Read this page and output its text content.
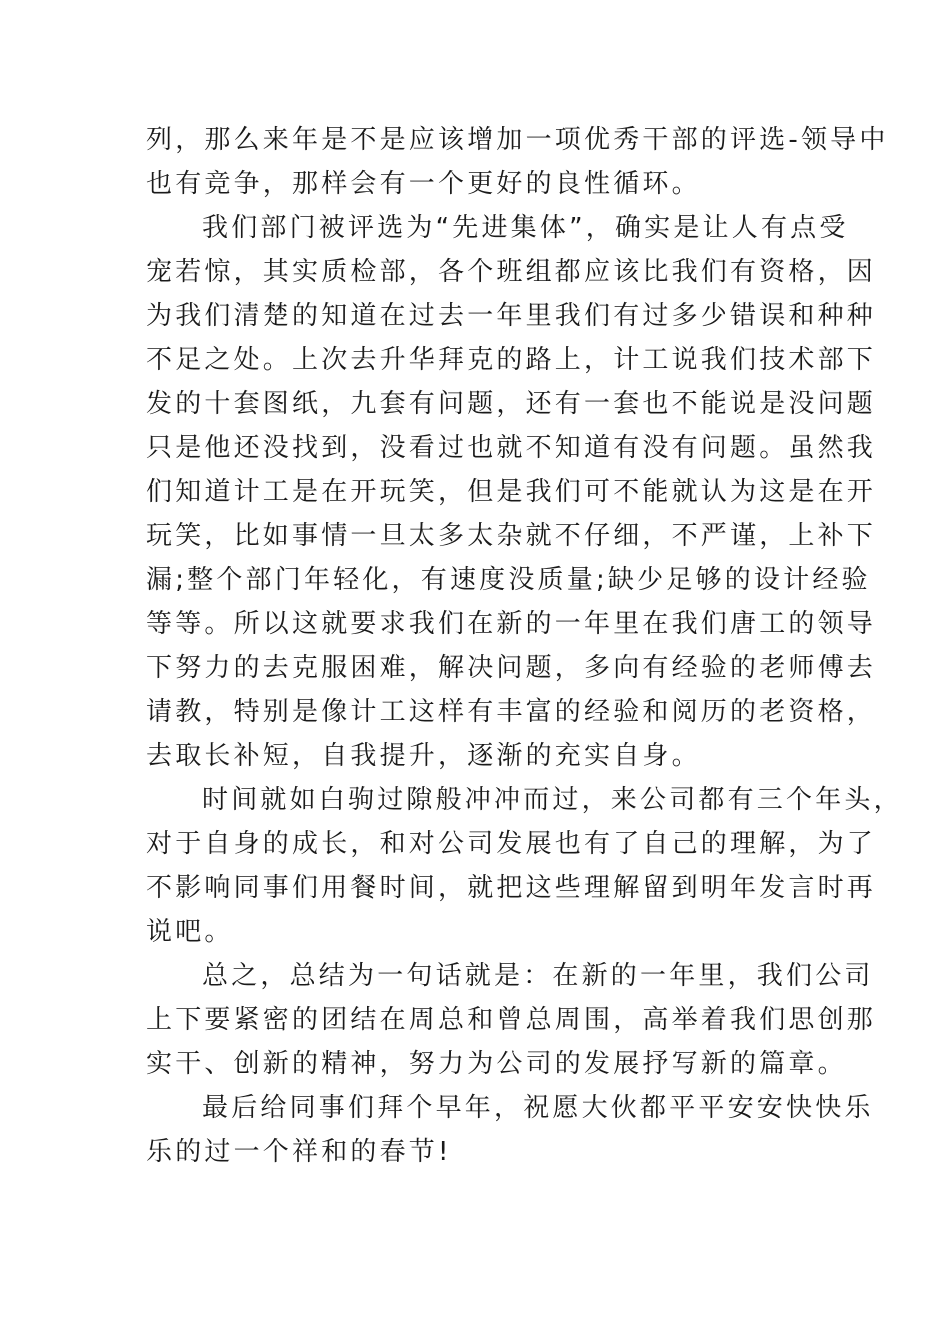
列，那么来年是不是应该增加一项优秀干部的评选-领导中
也有竞争，那样会有一个更好的良性循环。
我们部门被评选为“先进集体”，确实是让人有点受
宠若惊，其实质检部，各个班组都应该比我们有资格，因
为我们清楚的知道在过去一年里我们有过多少错误和种种
不足之处。上次去升华拜克的路上，计工说我们技术部下
发的十套图纸，九套有问题，还有一套也不能说是没问题
只是他还没找到，没看过也就不知道有没有问题。虽然我
们知道计工是在开玩笑，但是我们可不能就认为这是在开
玩笑，比如事情一旦太多太杂就不仔细，不严谨，上补下
漏;整个部门年轻化，有速度没质量;缺少足够的设计经验
等等。所以这就要求我们在新的一年里在我们唐工的领导
下努力的去克服困难，解决问题，多向有经验的老师傅去
请教，特别是像计工这样有丰富的经验和阅历的老资格，
去取长补短，自我提升，逐渐的充实自身。
时间就如白驹过隙般冲冲而过，来公司都有三个年头，
对于自身的成长，和对公司发展也有了自己的理解，为了
不影响同事们用餐时间，就把这些理解留到明年发言时再
说吧。
总之，总结为一句话就是：在新的一年里，我们公司
上下要紧密的团结在周总和曾总周围，高举着我们思创那
实干、创新的精神，努力为公司的发展抒写新的篇章。
最后给同事们拜个早年，祝愿大伙都平平安安快快乐
乐的过一个祥和的春节!
